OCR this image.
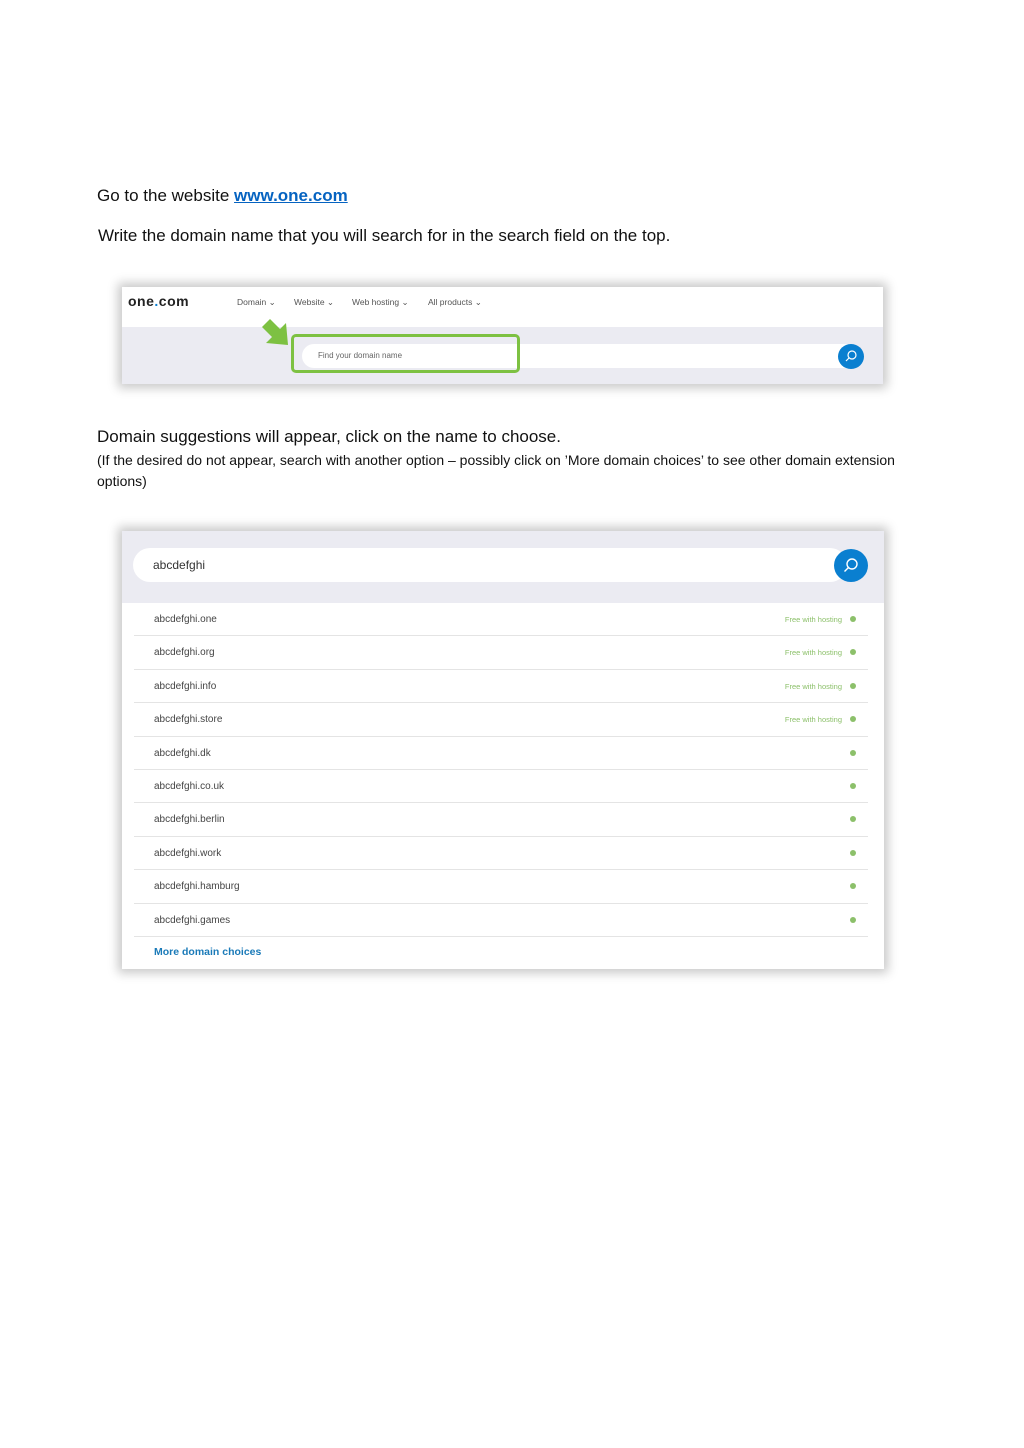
Go to the website www.one.com
Write the domain name that you will search for in the search field on the top.
one.com	Domain ⌄ Website ⌄ Web hosting ⌄ All products ⌄
Find your domain name
Domain suggestions will appear, click on the name to choose.
(If the desired do not appear, search with another option – possibly click on ’More domain choices’ to see other domain extension options)
abcdefghi
abcdefghi.one	Free with hosting
abcdefghi.org	Free with hosting
abcdefghi.info	Free with hosting
abcdefghi.store	Free with hosting
abcdefghi.dk
abcdefghi.co.uk
abcdefghi.berlin
abcdefghi.work
abcdefghi.hamburg
abcdefghi.games
More domain choices
